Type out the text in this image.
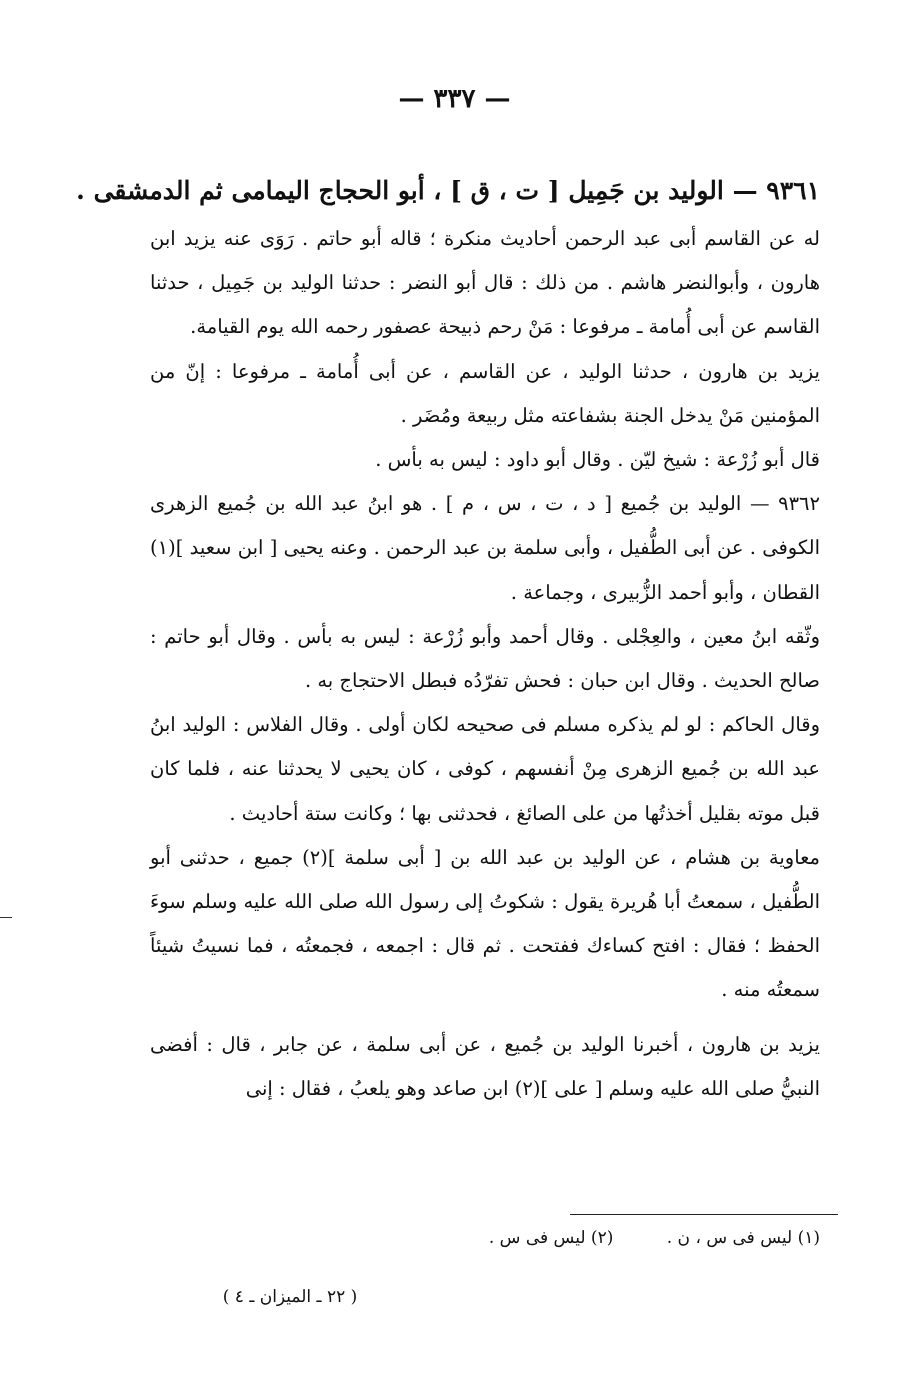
— ٣٣٧ —
٩٣٦١ — الوليد بن جَمِيل [ ت ، ق ] ، أبو الحجاج اليمامى ثم الدمشقى .

له عن القاسم أبى عبد الرحمن أحاديث منكرة ؛ قاله أبو حاتم . رَوَى عنه يزيد ابن هارون ، وأبوالنضر هاشم . من ذلك : قال أبو النضر : حدثنا الوليد بن جَمِيل ، حدثنا القاسم عن أبى أُمامة ـ مرفوعا : مَنْ رحم ذبيحة عصفور رحمه الله يوم القيامة.

يزيد بن هارون ، حدثنا الوليد ، عن القاسم ، عن أبى أُمامة ـ مرفوعا : إنّ من المؤمنين مَنْ يدخل الجنة بشفاعته مثل ربيعة ومُضَر .

قال أبو زُرْعة : شيخ ليّن . وقال أبو داود : ليس به بأس .

٩٣٦٢ — الوليد بن جُميع [ د ، ت ، س ، م ] . هو ابنُ عبد الله بن جُميع الزهرى الكوفى . عن أبى الطُّفيل ، وأبى سلمة بن عبد الرحمن . وعنه يحيى [ ابن سعيد ](١) القطان ، وأبو أحمد الزُّبيرى ، وجماعة .

وثّقه ابنُ معين ، والعِجْلى . وقال أحمد وأبو زُرْعة : ليس به بأس . وقال أبو حاتم : صالح الحديث . وقال ابن حبان : فحش تفرّدُه فبطل الاحتجاج به .

وقال الحاكم : لو لم يذكره مسلم فى صحيحه لكان أولى . وقال الفلاس : الوليد ابنُ عبد الله بن جُميع الزهرى مِنْ أنفسهم ، كوفى ، كان يحيى لا يحدثنا عنه ، فلما كان قبل موته بقليل أخذتُها من على الصائغ ، فحدثنى بها ؛ وكانت ستة أحاديث .

معاوية بن هشام ، عن الوليد بن عبد الله بن [ أبى سلمة ](٢) جميع ، حدثنى أبو الطُّفيل ، سمعتُ أبا هُريرة يقول : شكوتُ إلى رسول الله صلى الله عليه وسلم سوءَ الحفظ ؛ فقال : افتح كساءك ففتحت . ثم قال : اجمعه ، فجمعتُه ، فما نسيتُ شيئاً سمعتُه منه .

يزيد بن هارون ، أخبرنا الوليد بن جُميع ، عن أبى سلمة ، عن جابر ، قال : أفضى النبيُّ صلى الله عليه وسلم [ على ](٢) ابن صاعد وهو يلعبُ ، فقال : إنى

(١) ليس فى س ، ن . (٢) ليس فى س .
( ٢٢ ـ الميزان ـ ٤ )
